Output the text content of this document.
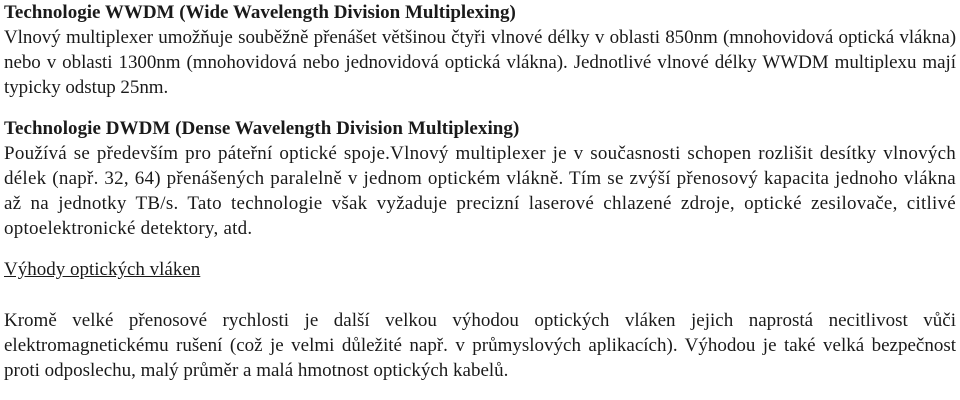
Technologie WWDM (Wide Wavelength Division Multiplexing)

Vlnový multiplexer umožňuje souběžně přenášet většinou čtyři vlnové délky v oblasti 850nm (mnohovidová optická vlákna) nebo v oblasti 1300nm (mnohovidová nebo jednovidová optická vlákna). Jednotlivé vlnové délky WWDM multiplexu mají typicky odstup 25nm.

Technologie DWDM (Dense Wavelength Division Multiplexing)

Používá se především pro páteřní optické spoje.Vlnový multiplexer je v současnosti schopen rozlišit desítky vlnových délek (např. 32, 64) přenášených paralelně v jednom optickém vlákně. Tím se zvýší přenosový kapacita jednoho vlákna až na jednotky TB/s. Tato technologie však vyžaduje precizní laserové chlazené zdroje, optické zesilovače, citlivé optoelektronické detektory, atd.

Výhody optických vláken

Kromě velké přenosové rychlosti je další velkou výhodou optických vláken jejich naprostá necitlivost vůči elektromagnetickému rušení (což je velmi důležité např. v průmyslových aplikacích). Výhodou je také velká bezpečnost proti odposlechu, malý průměr a malá hmotnost optických kabelů.
